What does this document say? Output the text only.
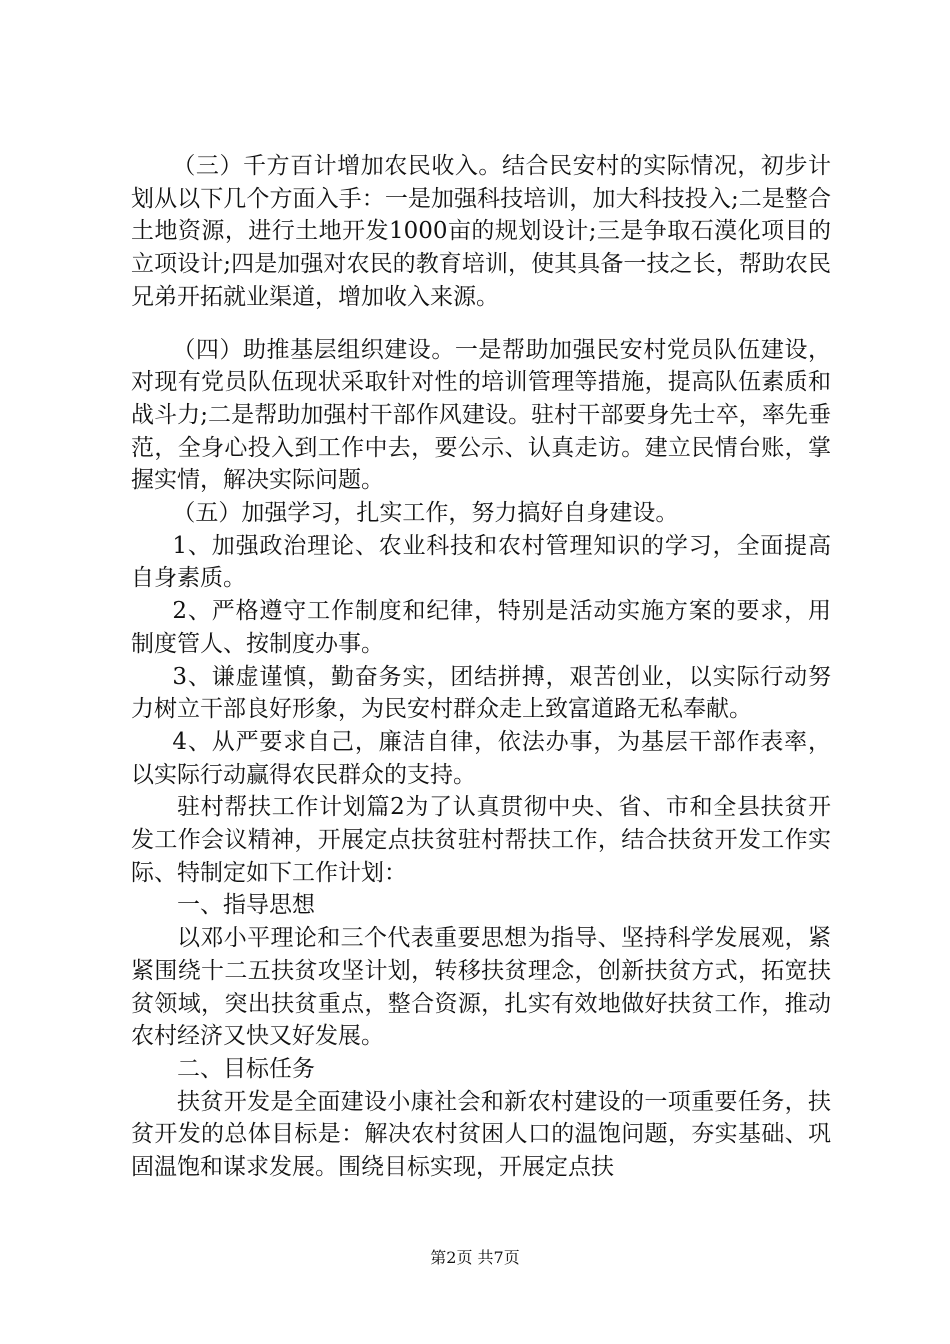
（三）千方百计增加农民收入。结合民安村的实际情况，初步计划从以下几个方面入手：一是加强科技培训，加大科技投入;二是整合土地资源，进行土地开发1000亩的规划设计;三是争取石漠化项目的立项设计;四是加强对农民的教育培训，使其具备一技之长，帮助农民兄弟开拓就业渠道，增加收入来源。

（四）助推基层组织建设。一是帮助加强民安村党员队伍建设，对现有党员队伍现状采取针对性的培训管理等措施，提高队伍素质和战斗力;二是帮助加强村干部作风建设。驻村干部要身先士卒，率先垂范，全身心投入到工作中去，要公示、认真走访。建立民情台账，掌握实情，解决实际问题。

（五）加强学习，扎实工作，努力搞好自身建设。

1、加强政治理论、农业科技和农村管理知识的学习，全面提高自身素质。

2、严格遵守工作制度和纪律，特别是活动实施方案的要求，用制度管人、按制度办事。

3、谦虚谨慎，勤奋务实，团结拼搏，艰苦创业，以实际行动努力树立干部良好形象，为民安村群众走上致富道路无私奉献。

4、从严要求自己，廉洁自律，依法办事，为基层干部作表率，以实际行动赢得农民群众的支持。

驻村帮扶工作计划篇2为了认真贯彻中央、省、市和全县扶贫开发工作会议精神，开展定点扶贫驻村帮扶工作，结合扶贫开发工作实际、特制定如下工作计划：

一、指导思想

以邓小平理论和三个代表重要思想为指导、坚持科学发展观，紧紧围绕十二五扶贫攻坚计划，转移扶贫理念，创新扶贫方式，拓宽扶贫领域，突出扶贫重点，整合资源，扎实有效地做好扶贫工作，推动农村经济又快又好发展。

二、目标任务

扶贫开发是全面建设小康社会和新农村建设的一项重要任务，扶贫开发的总体目标是：解决农村贫困人口的温饱问题，夯实基础、巩固温饱和谋求发展。围绕目标实现，开展定点扶

第2页 共7页
